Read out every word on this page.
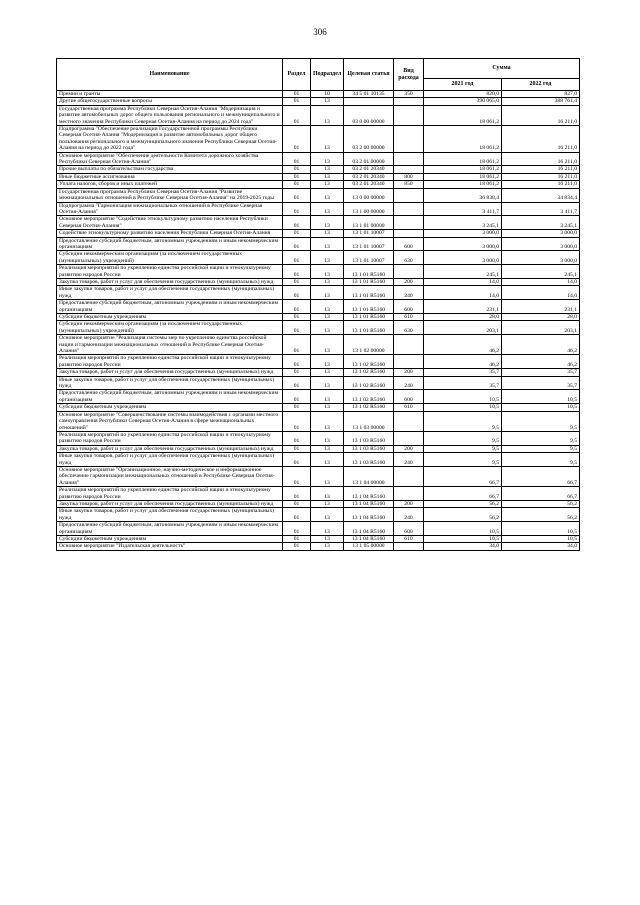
306
Наименование	Раздел	Подраздел	Целевая статья	Вид расхода	Сумма	
					2021 год	2022 год
Премии и гранты	01	10	34 5 01 10135	350	820,0	827,0
Другие общегосударственные вопросы	01	13			390 065,0	388 761,4
Государственная программа Республики Северная Осетия-Алания "Модернизация и развитие автомобильных дорог общего пользования регионального и межмуниципального и местного значения Республики Северная Осетия-Алания на период до 2024 года"	01	13	03 0 00 00000		18 061,2	16 211,0
Подпрограмма "Обеспечение реализации Государственной программы Республики Северная Осетия-Алания "Модернизация и развитие автомобильных дорог общего пользования регионального и межмуниципального значения Республики Северная Осетия-Алания на период до 2022 года"	01	13	03 2 00 00000		18 061,2	16 211,0
Основное мероприятие "Обеспечение деятельности Комитета дорожного хозяйства Республики Северная Осетия-Алания"	01	13	03 2 01 00000		18 061,2	16 211,0
Прочие выплаты по обязательствам государства	01	13	03 2 01 20340		18 061,2	16 211,0
Иные бюджетные ассигнования	01	13	03 2 01 20340	800	18 061,2	16 211,0
Уплата налогов, сборов и иных платежей	01	13	03 2 01 20340	850	18 061,2	16 211,0
Государственная программа Республики Северная Осетия-Алания "Развитие межнациональных отношений в Республике Северная Осетия-Алания" на 2019-2025 годы	01	13	13 0 00 00000		36 838,4	34 834,4
Подпрограмма "Гармонизация межнациональных отношений в Республике Северная Осетия-Алания"	01	13	13 1 00 00000		3 411,7	3 411,7
Основное мероприятие "Содействие этнокультурному развитию населения Республики Северная Осетия-Алания"	01	13	13 1 01 00000		3 245,1	3 245,1
Содействие этнокультурному развитию населения Республики Северная Осетия-Алания	01	13	13 1 01 10007		3 000,0	3 000,0
Предоставление субсидий бюджетным, автономным учреждениям и иным некоммерческим организациям	01	13	13 1 01 10007	600	3 000,0	3 000,0
Субсидии некоммерческим организациям (за исключением государственных (муниципальных) учреждений)	01	13	13 1 01 10007	630	3 000,0	3 000,0
Реализация мероприятий по укреплению единства российской нации и этнокультурному развитию народов России	01	13	13 1 01 R5160		245,1	245,1
Закупка товаров, работ и услуг для обеспечения государственных (муниципальных) нужд	01	13	13 1 01 R5160	200	14,0	14,0
Иные закупки товаров, работ и услуг для обеспечения государственных (муниципальных) нужд	01	13	13 1 01 R5160	240	14,0	14,0
Предоставление субсидий бюджетным, автономным учреждениям и иным некоммерческим организациям	01	13	13 1 01 R5160	600	231,1	231,1
Субсидии бюджетным учреждениям	01	13	13 1 01 R5160	610	28,0	28,0
Субсидии некоммерческим организациям (за исключением государственных (муниципальных) учреждений)	01	13	13 1 01 R5160	630	203,1	203,1
Основное мероприятие "Реализация системы мер по укреплению единства российской нации и гармонизации межнациональных отношений в Республике Северная Осетия-Алания"	01	13	13 1 02 00000		46,2	46,2
Реализация мероприятий по укреплению единства российской нации и этнокультурному развитию народов России	01	13	13 1 02 R5160		46,2	46,2
Закупка товаров, работ и услуг для обеспечения государственных (муниципальных) нужд	01	13	13 1 02 R5160	200	35,7	35,7
Иные закупки товаров, работ и услуг для обеспечения государственных (муниципальных) нужд	01	13	13 1 02 R5160	240	35,7	35,7
Предоставление субсидий бюджетным, автономным учреждениям и иным некоммерческим организациям	01	13	13 1 02 R5160	600	10,5	10,5
Субсидии бюджетным учреждениям	01	13	13 1 02 R5160	610	10,5	10,5
Основное мероприятие "Совершенствование системы взаимодействия с органами местного самоуправления Республики Северная Осетия-Алания в сфере межнациональных отношений"	01	13	13 1 03 00000		9,5	9,5
Реализация мероприятий по укреплению единства российской нации и этнокультурному развитию народов России	01	13	13 1 03 R5160		9,5	9,5
Закупка товаров, работ и услуг для обеспечения государственных (муниципальных) нужд	01	13	13 1 03 R5160	200	9,5	9,5
Иные закупки товаров, работ и услуг для обеспечения государственных (муниципальных) нужд	01	13	13 1 03 R5160	240	9,5	9,5
Основное мероприятие "Организационное, научно-методическое и информационное обеспечение гармонизации межнациональных отношений в Республике Северная Осетия-Алания"	01	13	13 1 04 00000		66,7	66,7
Реализация мероприятий по укреплению единства российской нации и этнокультурному развитию народов России	01	13	13 1 04 R5160		66,7	66,7
Закупка товаров, работ и услуг для обеспечения государственных (муниципальных) нужд	01	13	13 1 04 R5160	200	56,2	56,2
Иные закупки товаров, работ и услуг для обеспечения государственных (муниципальных) нужд	01	13	13 1 04 R5160	240	56,2	56,2
Предоставление субсидий бюджетным, автономным учреждениям и иным некоммерческим организациям	01	13	13 1 04 R5160	600	10,5	10,5
Субсидии бюджетным учреждениям	01	13	13 1 04 R5160	610	10,5	10,5
Основное мероприятие "Издательская деятельность"	01	13	13 1 05 00000		34,0	34,0
